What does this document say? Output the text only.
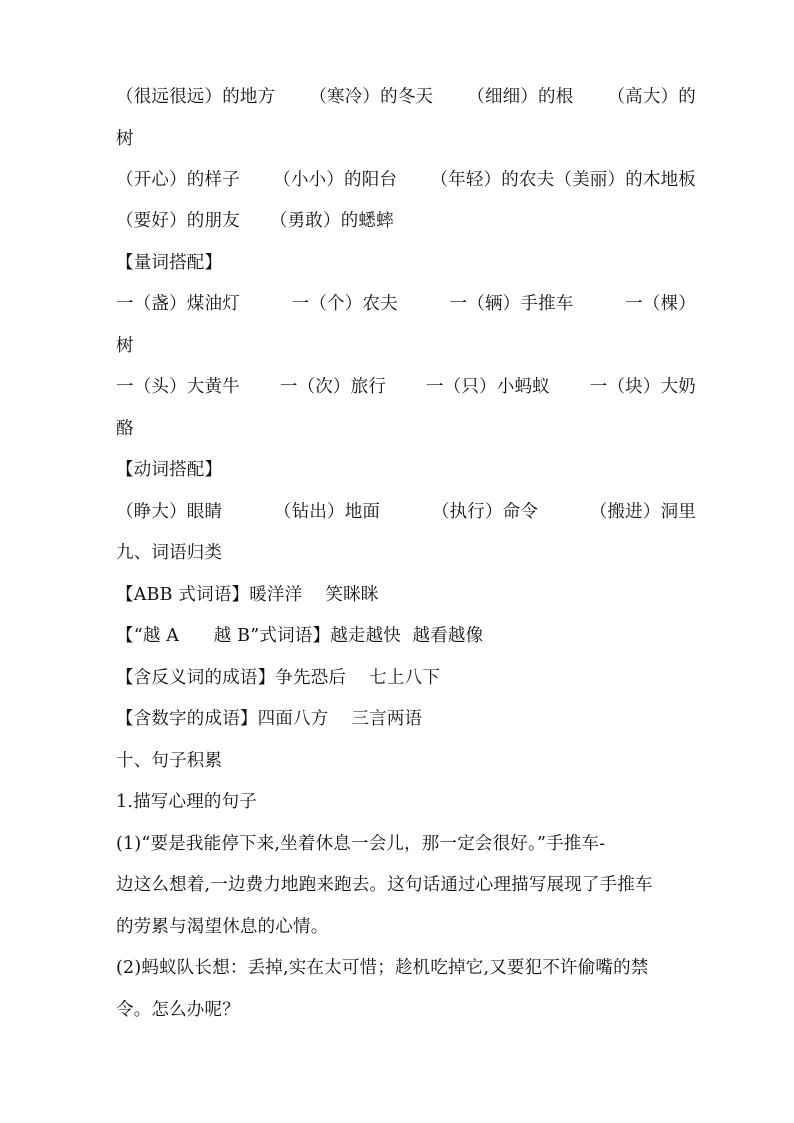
（很远很远）的地方 （寒冷）的冬天 （细细）的根 （高大）的
树
（开心）的样子 （小小）的阳台 （年轻）的农夫（美丽）的木地板
（要好）的朋友 （勇敢）的蟋蟀
【量词搭配】
一（盏）煤油灯	一（个）农夫	一（辆）手推车	一（棵）
树
一（头）大黄牛 一（次）旅行 一（只）小蚂蚁 一（块）大奶
酪
【动词搭配】
（睁大）眼睛	（钻出）地面	（执行）命令	（搬进）洞里
九、词语归类
【ABB 式词语】暖洋洋    笑眯眯
【“越 A      越 B”式词语】越走越快  越看越像
【含反义词的成语】争先恐后    七上八下
【含数字的成语】四面八方    三言两语
十、句子积累
1.描写心理的句子
(1)“要是我能停下来,坐着休息一会儿，那一定会很好。”手推车-
边这么想着,一边费力地跑来跑去。这句话通过心理描写展现了手推车
的劳累与渴望休息的心情。
(2)蚂蚁队长想：丢掉,实在太可惜；趁机吃掉它,又要犯不许偷嘴的禁
令。怎么办呢？
